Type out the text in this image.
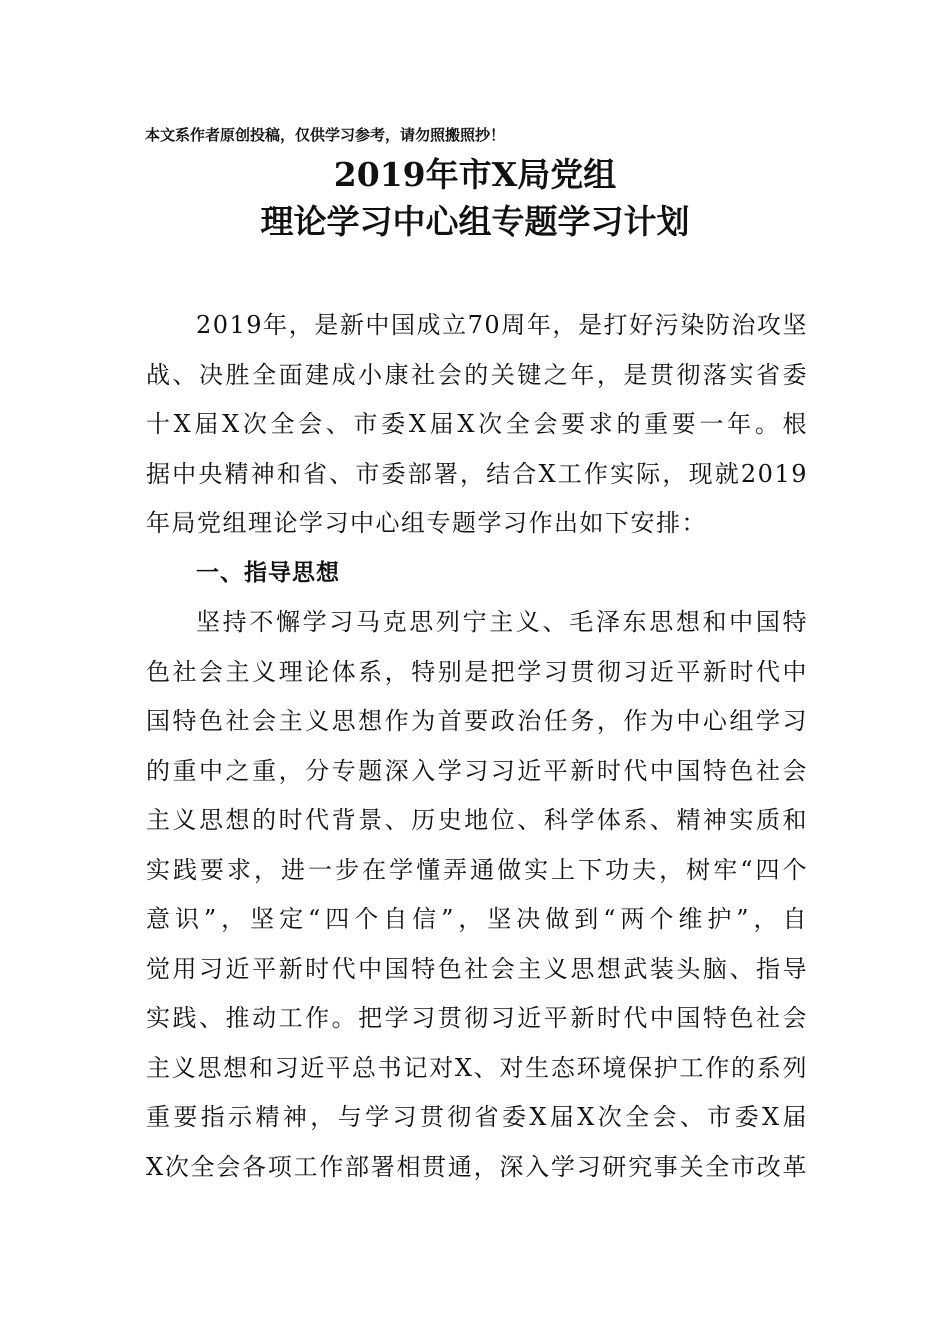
本文系作者原创投稿，仅供学习参考，请勿照搬照抄！
2019年市X局党组
理论学习中心组专题学习计划
2019年，是新中国成立70周年，是打好污染防治攻坚
战、决胜全面建成小康社会的关键之年，是贯彻落实省委
十X届X次全会、市委X届X次全会要求的重要一年。根
据中央精神和省、市委部署，结合X工作实际，现就2019
年局党组理论学习中心组专题学习作出如下安排：
一、指导思想
坚持不懈学习马克思列宁主义、毛泽东思想和中国特
色社会主义理论体系，特别是把学习贯彻习近平新时代中
国特色社会主义思想作为首要政治任务，作为中心组学习
的重中之重，分专题深入学习习近平新时代中国特色社会
主义思想的时代背景、历史地位、科学体系、精神实质和
实践要求，进一步在学懂弄通做实上下功夫，树牢“四个
意识”，坚定“四个自信”，坚决做到“两个维护”，自
觉用习近平新时代中国特色社会主义思想武装头脑、指导
实践、推动工作。把学习贯彻习近平新时代中国特色社会
主义思想和习近平总书记对X、对生态环境保护工作的系列
重要指示精神，与学习贯彻省委X届X次全会、市委X届
X次全会各项工作部署相贯通，深入学习研究事关全市改革
